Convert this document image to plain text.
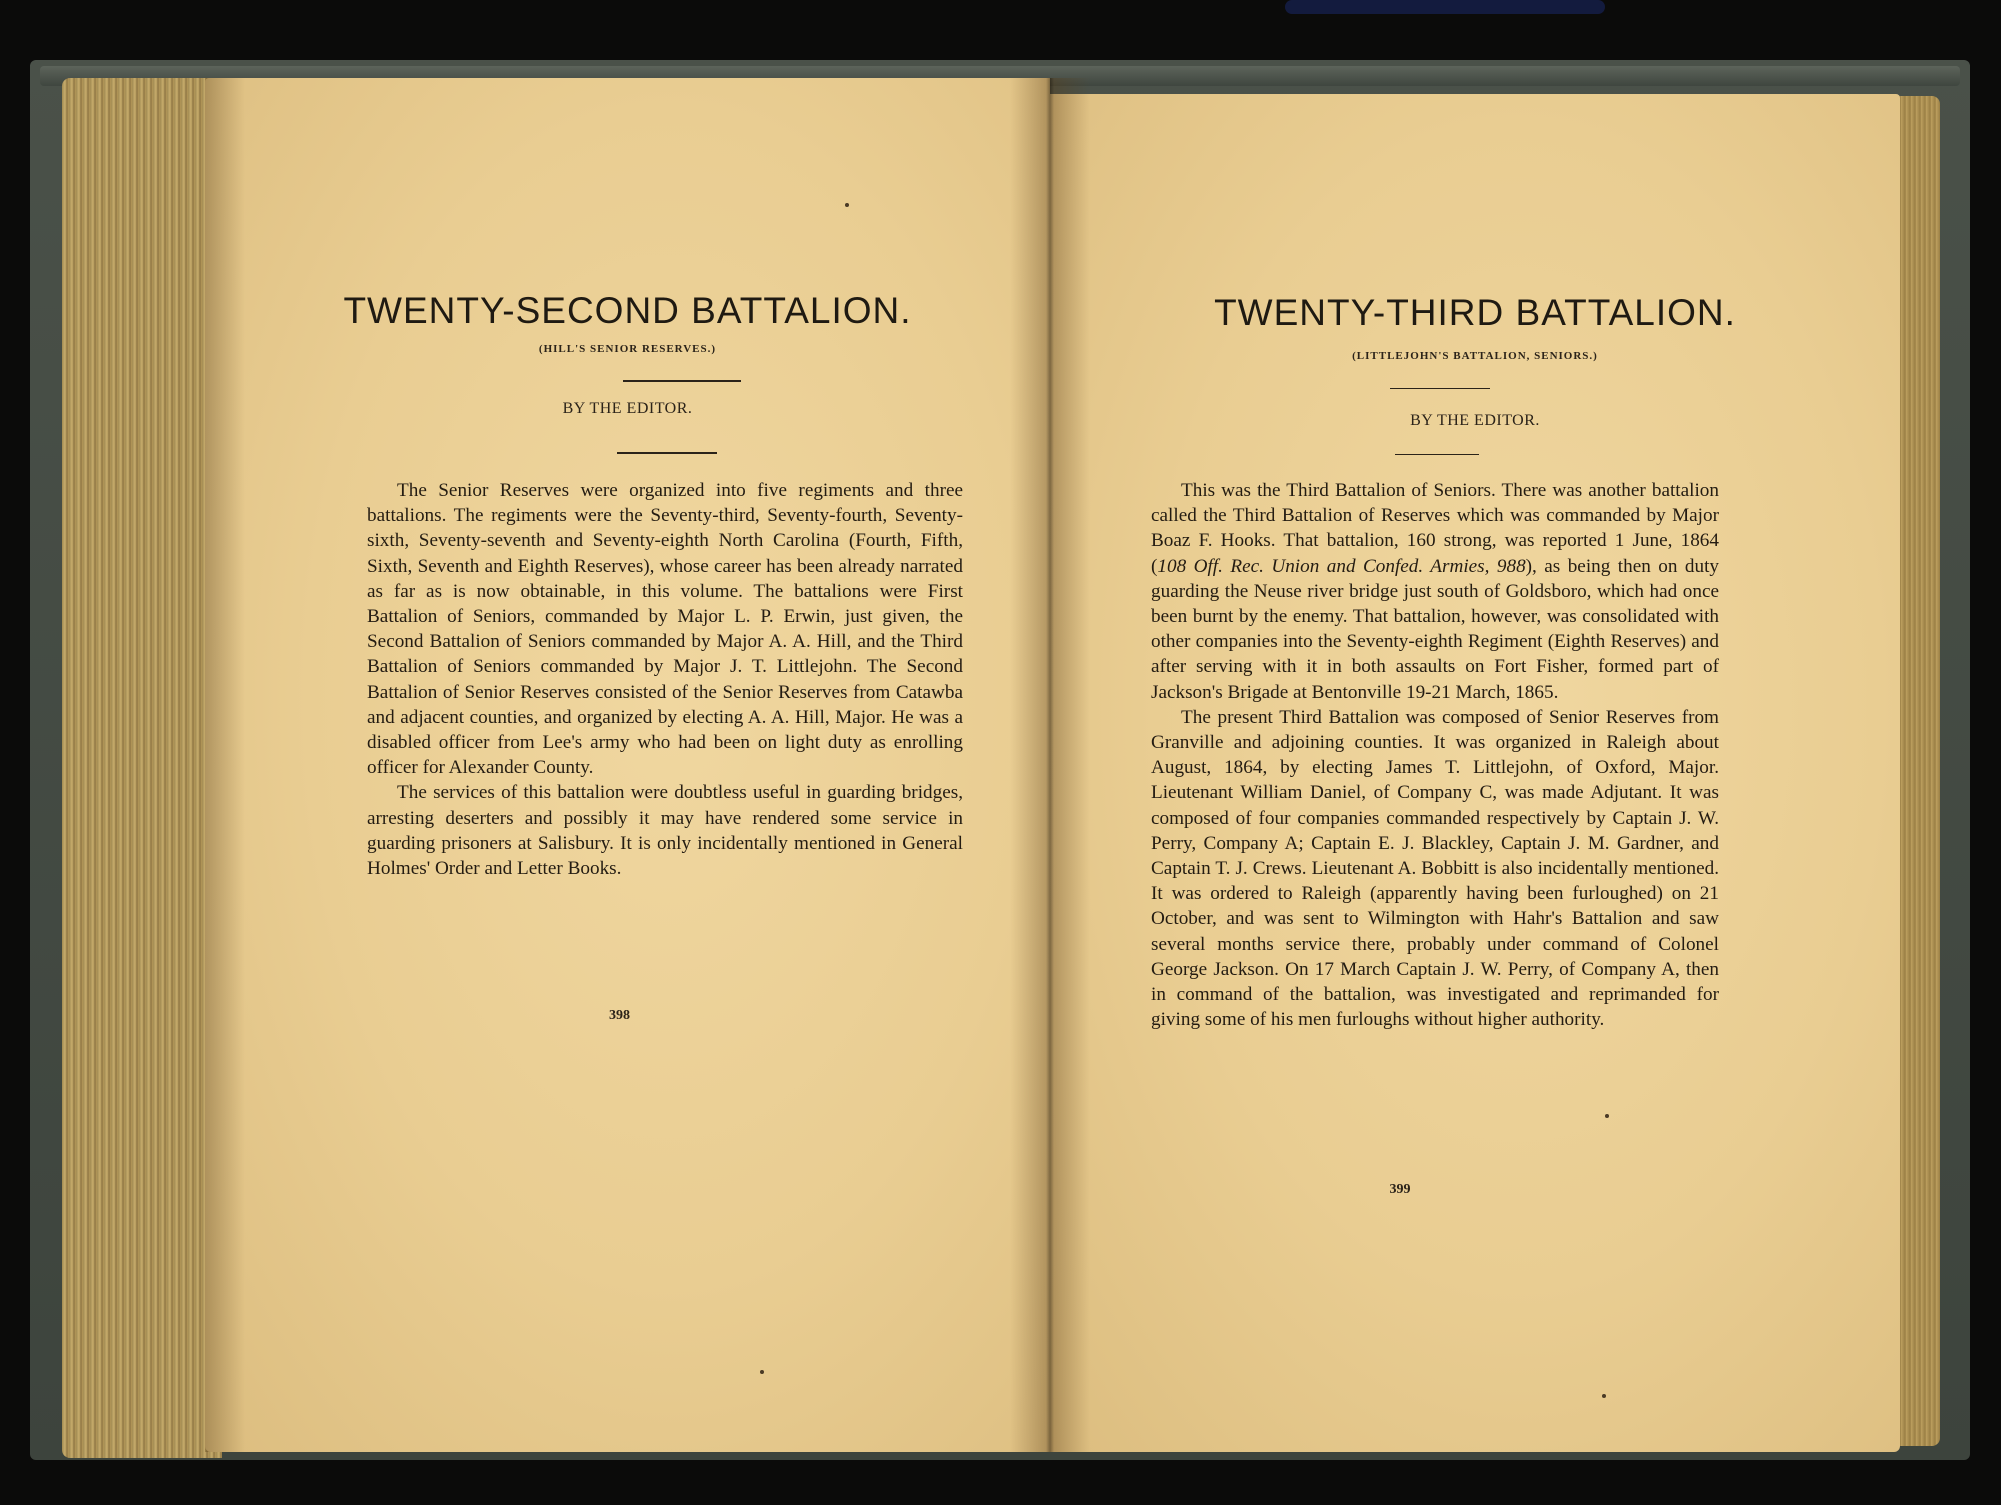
TWENTY-SECOND BATTALION.
(HILL'S SENIOR RESERVES.)
BY THE EDITOR.

The Senior Reserves were organized into five regiments and three battalions. The regiments were the Seventy-third, Seventy-fourth, Seventy-sixth, Seventy-seventh and Seventy-eighth North Carolina (Fourth, Fifth, Sixth, Seventh and Eighth Reserves), whose career has been already narrated as far as is now obtainable, in this volume. The battalions were First Battalion of Seniors, commanded by Major L. P. Erwin, just given, the Second Battalion of Seniors commanded by Major A. A. Hill, and the Third Battalion of Seniors commanded by Major J. T. Littlejohn. The Second Battalion of Senior Reserves consisted of the Senior Reserves from Catawba and adjacent counties, and organized by electing A. A. Hill, Major. He was a disabled officer from Lee's army who had been on light duty as enrolling officer for Alexander County.

The services of this battalion were doubtless useful in guarding bridges, arresting deserters and possibly it may have rendered some service in guarding prisoners at Salisbury. It is only incidentally mentioned in General Holmes' Order and Letter Books.

398
TWENTY-THIRD BATTALION.
(LITTLEJOHN'S BATTALION, SENIORS.)
BY THE EDITOR.

This was the Third Battalion of Seniors. There was another battalion called the Third Battalion of Reserves which was commanded by Major Boaz F. Hooks. That battalion, 160 strong, was reported 1 June, 1864 (108 Off. Rec. Union and Confed. Armies, 988), as being then on duty guarding the Neuse river bridge just south of Goldsboro, which had once been burnt by the enemy. That battalion, however, was consolidated with other companies into the Seventy-eighth Regiment (Eighth Reserves) and after serving with it in both assaults on Fort Fisher, formed part of Jackson's Brigade at Bentonville 19-21 March, 1865.

The present Third Battalion was composed of Senior Reserves from Granville and adjoining counties. It was organized in Raleigh about August, 1864, by electing James T. Littlejohn, of Oxford, Major. Lieutenant William Daniel, of Company C, was made Adjutant. It was composed of four companies commanded respectively by Captain J. W. Perry, Company A; Captain E. J. Blackley, Captain J. M. Gardner, and Captain T. J. Crews. Lieutenant A. Bobbitt is also incidentally mentioned. It was ordered to Raleigh (apparently having been furloughed) on 21 October, and was sent to Wilmington with Hahr's Battalion and saw several months service there, probably under command of Colonel George Jackson. On 17 March Captain J. W. Perry, of Company A, then in command of the battalion, was investigated and reprimanded for giving some of his men furloughs without higher authority.

399
